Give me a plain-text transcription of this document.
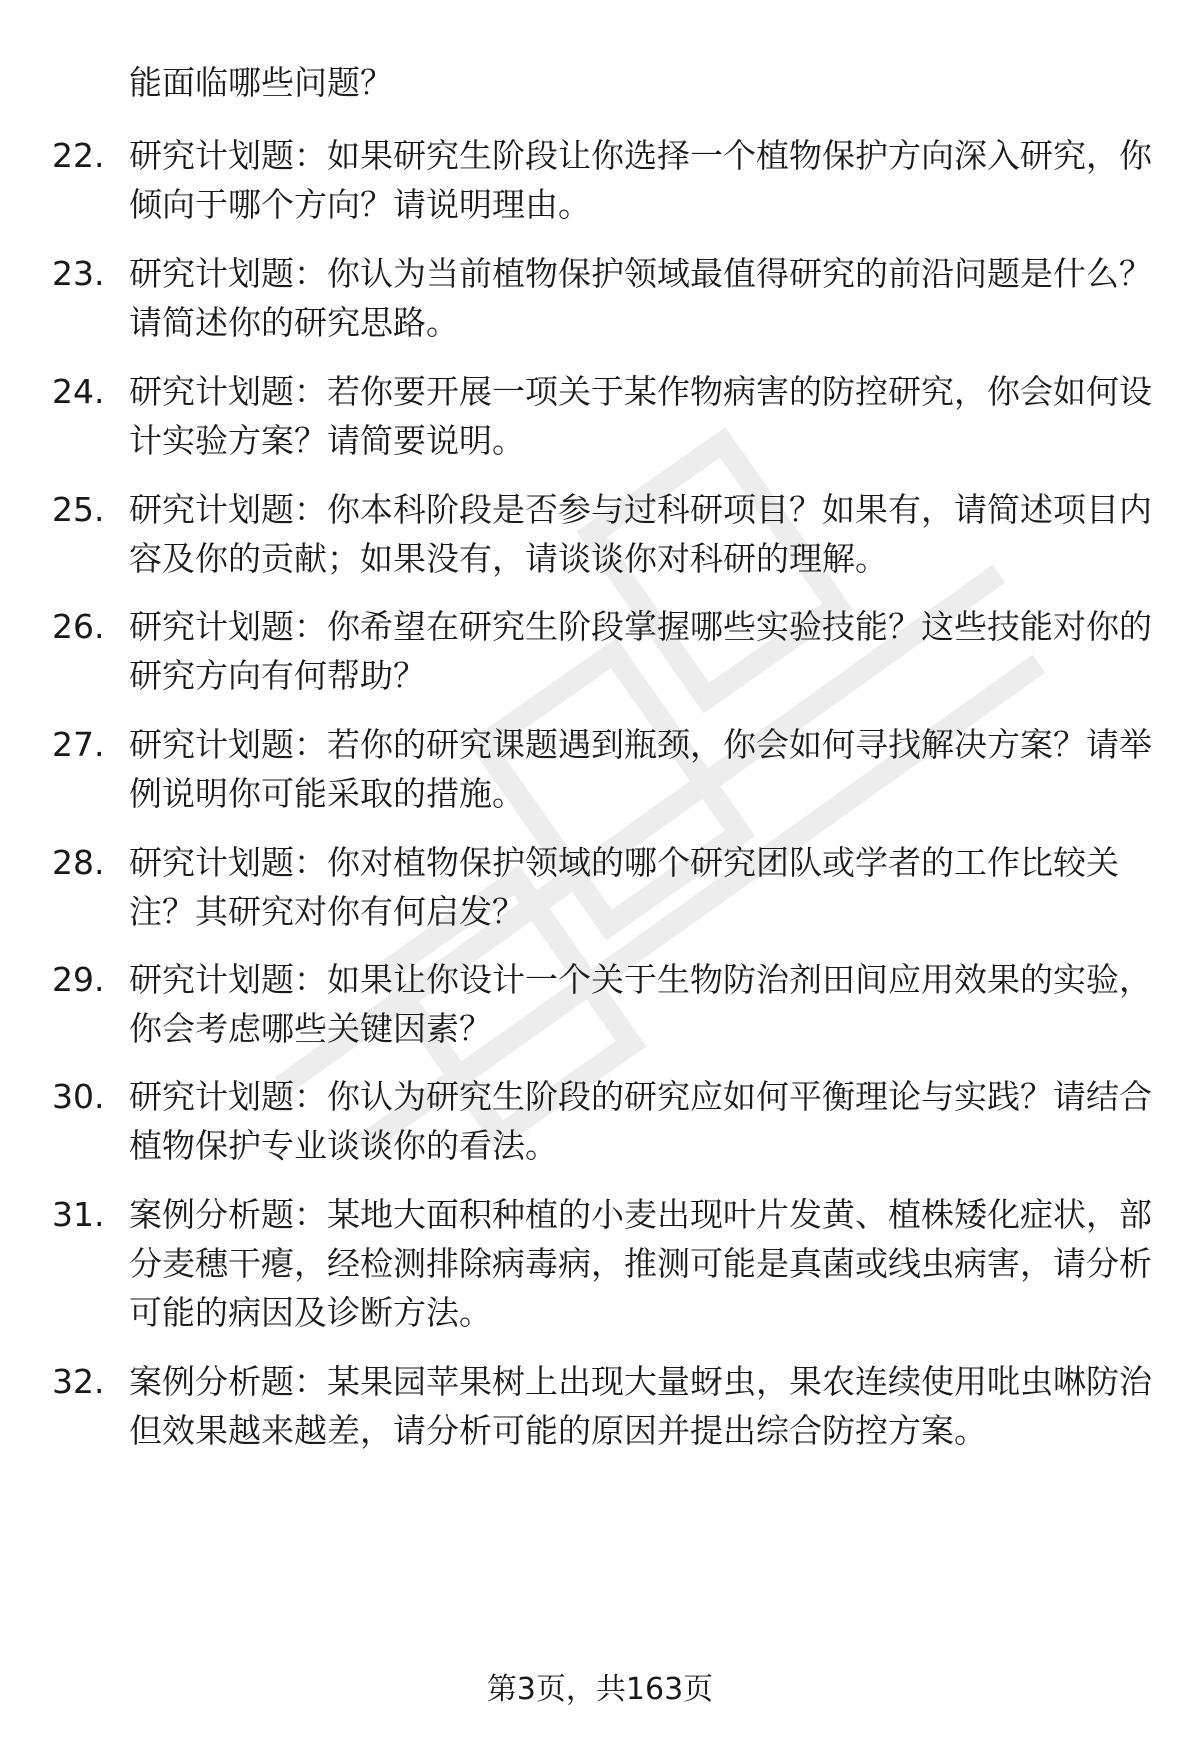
能面临哪些问题？

22. 研究计划题：如果研究生阶段让你选择一个植物保护方向深入研究，你倾向于哪个方向？请说明理由。

23. 研究计划题：你认为当前植物保护领域最值得研究的前沿问题是什么？请简述你的研究思路。

24. 研究计划题：若你要开展一项关于某作物病害的防控研究，你会如何设计实验方案？请简要说明。

25. 研究计划题：你本科阶段是否参与过科研项目？如果有，请简述项目内容及你的贡献；如果没有，请谈谈你对科研的理解。

26. 研究计划题：你希望在研究生阶段掌握哪些实验技能？这些技能对你的研究方向有何帮助？

27. 研究计划题：若你的研究课题遇到瓶颈，你会如何寻找解决方案？请举例说明你可能采取的措施。

28. 研究计划题：你对植物保护领域的哪个研究团队或学者的工作比较关注？其研究对你有何启发？

29. 研究计划题：如果让你设计一个关于生物防治剂田间应用效果的实验，你会考虑哪些关键因素？

30. 研究计划题：你认为研究生阶段的研究应如何平衡理论与实践？请结合植物保护专业谈谈你的看法。

31. 案例分析题：某地大面积种植的小麦出现叶片发黄、植株矮化症状，部分麦穗干瘪，经检测排除病毒病，推测可能是真菌或线虫病害，请分析可能的病因及诊断方法。

32. 案例分析题：某果园苹果树上出现大量蚜虫，果农连续使用吡虫啉防治但效果越来越差，请分析可能的原因并提出综合防控方案。

第3页，共163页
